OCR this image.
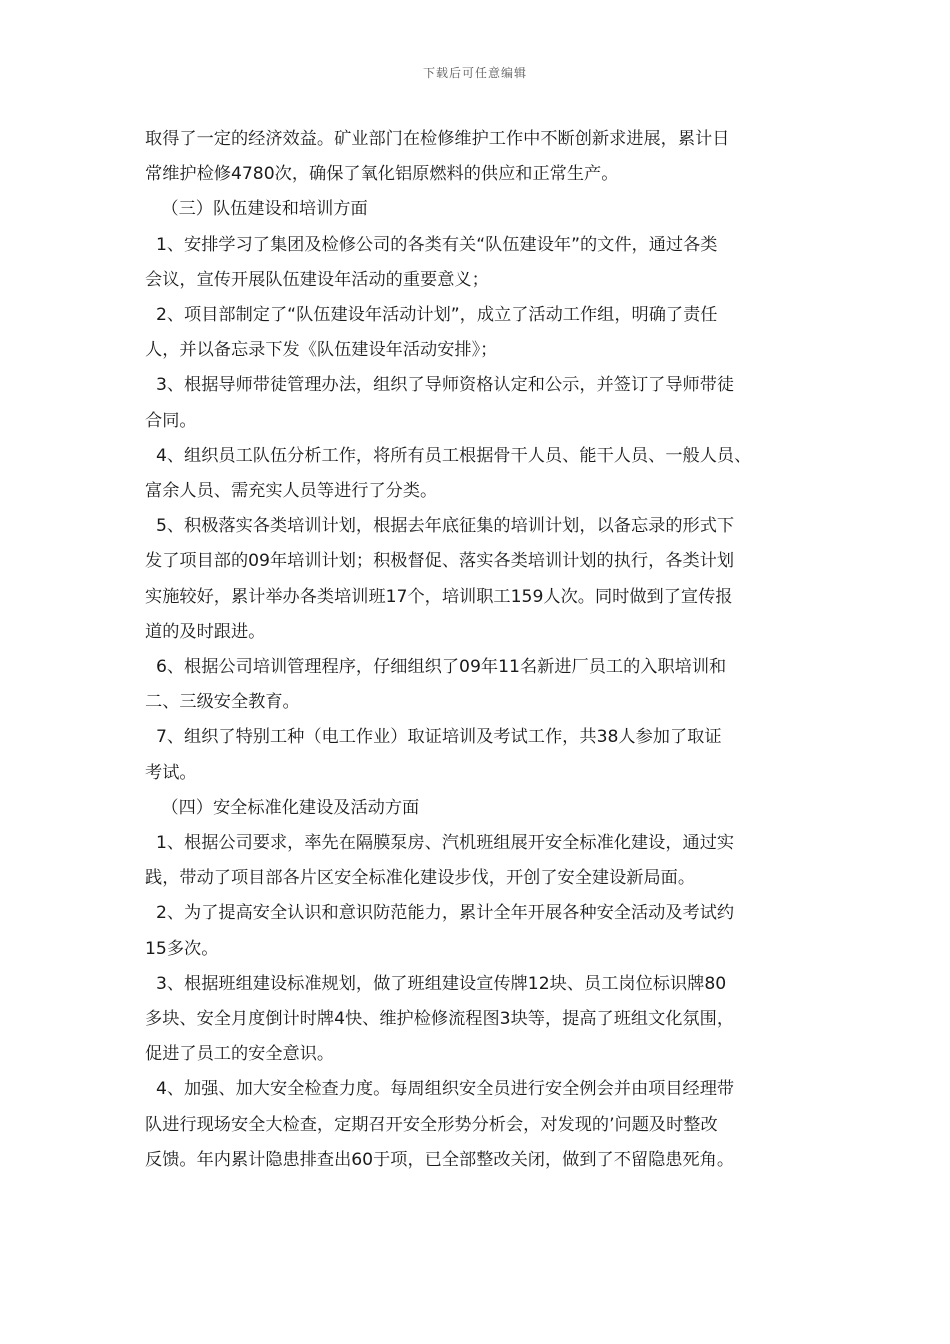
下载后可任意编辑

取得了一定的经济效益。矿业部门在检修维护工作中不断创新求进展，累计日

常维护检修4780次，确保了氧化铝原燃料的供应和正常生产。

（三）队伍建设和培训方面

1、安排学习了集团及检修公司的各类有关“队伍建设年”的文件，通过各类

会议，宣传开展队伍建设年活动的重要意义；

2、项目部制定了“队伍建设年活动计划”，成立了活动工作组，明确了责任

人，并以备忘录下发《队伍建设年活动安排》；

3、根据导师带徒管理办法，组织了导师资格认定和公示，并签订了导师带徒

合同。

4、组织员工队伍分析工作，将所有员工根据骨干人员、能干人员、一般人员、

富余人员、需充实人员等进行了分类。

5、积极落实各类培训计划，根据去年底征集的培训计划，以备忘录的形式下

发了项目部的09年培训计划；积极督促、落实各类培训计划的执行，各类计划

实施较好，累计举办各类培训班17个，培训职工159人次。同时做到了宣传报

道的及时跟进。

6、根据公司培训管理程序，仔细组织了09年11名新进厂员工的入职培训和

二、三级安全教育。

7、组织了特别工种（电工作业）取证培训及考试工作，共38人参加了取证

考试。

（四）安全标准化建设及活动方面

1、根据公司要求，率先在隔膜泵房、汽机班组展开安全标准化建设，通过实

践，带动了项目部各片区安全标准化建设步伐，开创了安全建设新局面。

2、为了提高安全认识和意识防范能力，累计全年开展各种安全活动及考试约

15多次。

3、根据班组建设标准规划，做了班组建设宣传牌12块、员工岗位标识牌80

多块、安全月度倒计时牌4快、维护检修流程图3块等，提高了班组文化氛围，

促进了员工的安全意识。

4、加强、加大安全检查力度。每周组织安全员进行安全例会并由项目经理带

队进行现场安全大检查，定期召开安全形势分析会，对发现的’问题及时整改

反馈。年内累计隐患排查出60于项，已全部整改关闭，做到了不留隐患死角。
